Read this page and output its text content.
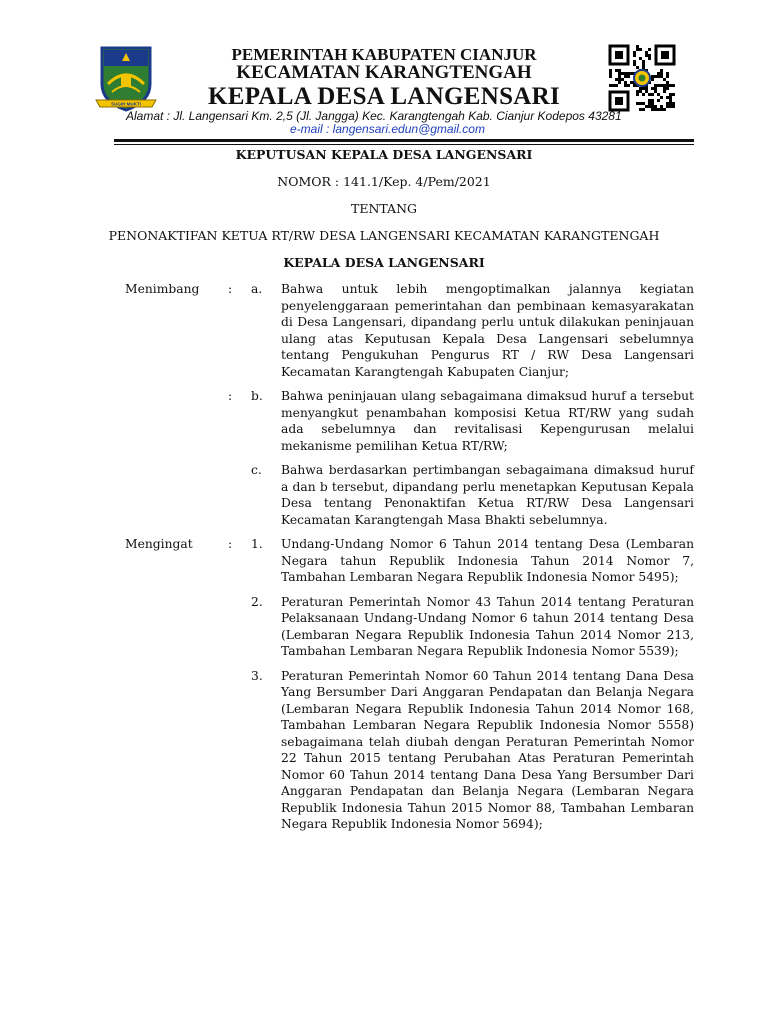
SUGIH MUKTI

PEMERINTAH KABUPATEN CIANJUR

KECAMATAN KARANGTENGAH

KEPALA DESA LANGENSARI

Alamat : Jl. Langensari Km. 2,5 (Jl. Jangga) Kec. Karangtengah Kab. Cianjur Kodepos 43281
e-mail : langensari.edun@gmail.com

KEPUTUSAN KEPALA DESA LANGENSARI

NOMOR : 141.1/Kep. 4/Pem/2021

TENTANG

PENONAKTIFAN KETUA RT/RW DESA LANGENSARI KECAMATAN KARANGTENGAH

KEPALA DESA LANGENSARI

Menimbang : a. Bahwa untuk lebih mengoptimalkan jalannya kegiatan penyelenggaraan pemerintahan dan pembinaan kemasyarakatan di Desa Langensari, dipandang perlu untuk dilakukan peninjauan ulang atas Keputusan Kepala Desa Langensari sebelumnya tentang Pengukuhan Pengurus RT / RW Desa Langensari Kecamatan Karangtengah Kabupaten Cianjur;

: b. Bahwa peninjauan ulang sebagaimana dimaksud huruf a tersebut menyangkut penambahan komposisi Ketua RT/RW yang sudah ada sebelumnya dan revitalisasi Kepengurusan melalui mekanisme pemilihan Ketua RT/RW;

c. Bahwa berdasarkan pertimbangan sebagaimana dimaksud huruf a dan b tersebut, dipandang perlu menetapkan Keputusan Kepala Desa tentang Penonaktifan Ketua RT/RW Desa Langensari Kecamatan Karangtengah Masa Bhakti sebelumnya.

Mengingat	: 1. Undang-Undang Nomor 6 Tahun 2014 tentang Desa (Lembaran Negara tahun Republik Indonesia Tahun 2014 Nomor 7, Tambahan Lembaran Negara Republik Indonesia Nomor 5495);

2. Peraturan Pemerintah Nomor 43 Tahun 2014 tentang Peraturan Pelaksanaan Undang-Undang Nomor 6 tahun 2014 tentang Desa (Lembaran Negara Republik Indonesia Tahun 2014 Nomor 213, Tambahan Lembaran Negara Republik Indonesia Nomor 5539);

3. Peraturan Pemerintah Nomor 60 Tahun 2014 tentang Dana Desa Yang Bersumber Dari Anggaran Pendapatan dan Belanja Negara (Lembaran Negara Republik Indonesia Tahun 2014 Nomor 168, Tambahan Lembaran Negara Republik Indonesia Nomor 5558) sebagaimana telah diubah dengan Peraturan Pemerintah Nomor 22 Tahun 2015 tentang Perubahan Atas Peraturan Pemerintah Nomor 60 Tahun 2014 tentang Dana Desa Yang Bersumber Dari Anggaran Pendapatan dan Belanja Negara (Lembaran Negara Republik Indonesia Tahun 2015 Nomor 88, Tambahan Lembaran Negara Republik Indonesia Nomor 5694);
